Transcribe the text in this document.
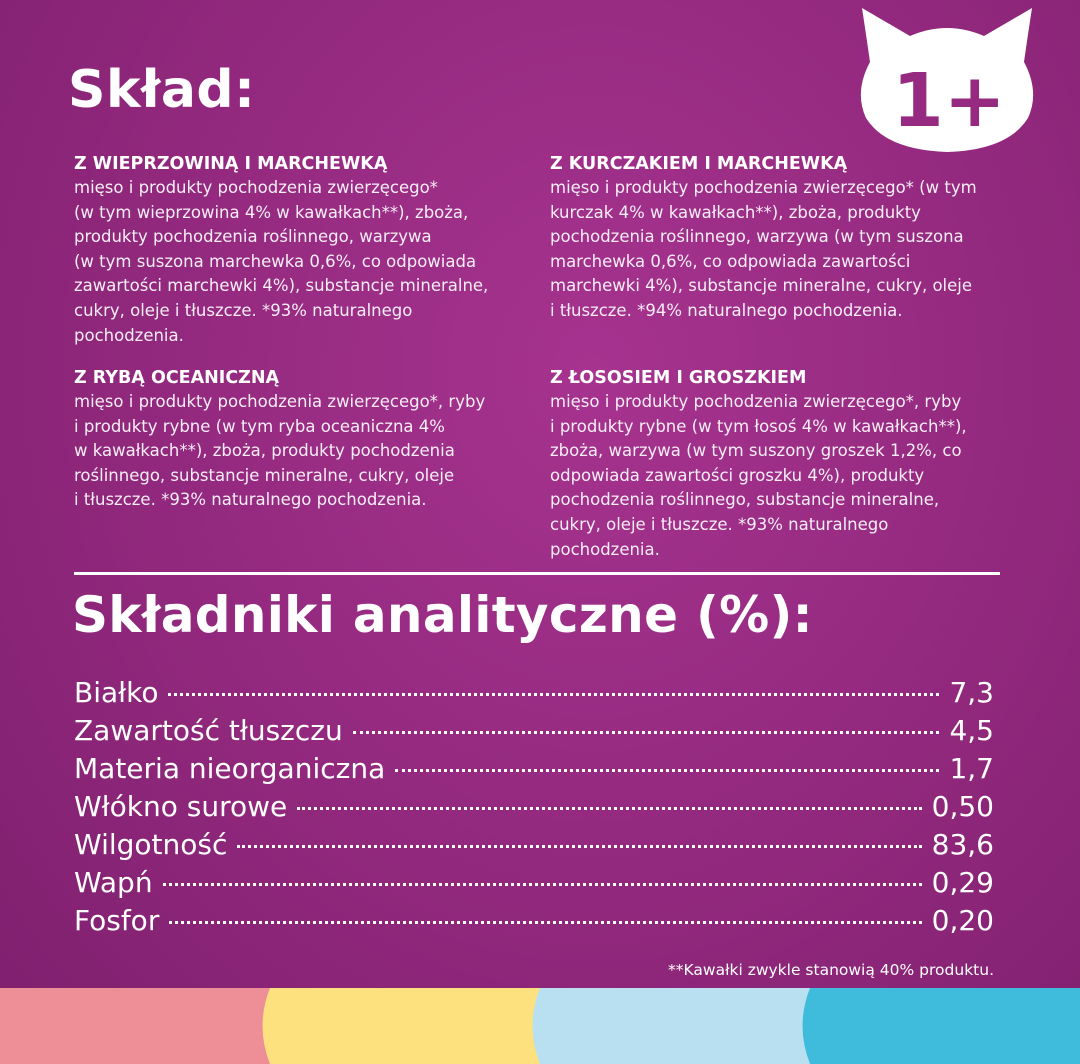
1+
Skład:
Z WIEPRZOWINĄ I MARCHEWKĄ

mięso i produkty pochodzenia zwierzęcego*

(w tym wieprzowina 4% w kawałkach**), zboża,

produkty pochodzenia roślinnego, warzywa

(w tym suszona marchewka 0,6%, co odpowiada

zawartości marchewki 4%), substancje mineralne,

cukry, oleje i tłuszcze. *93% naturalnego

pochodzenia.

Z KURCZAKIEM I MARCHEWKĄ

mięso i produkty pochodzenia zwierzęcego* (w tym

kurczak 4% w kawałkach**), zboża, produkty

pochodzenia roślinnego, warzywa (w tym suszona

marchewka 0,6%, co odpowiada zawartości

marchewki 4%), substancje mineralne, cukry, oleje

i tłuszcze. *94% naturalnego pochodzenia.

Z RYBĄ OCEANICZNĄ

mięso i produkty pochodzenia zwierzęcego*, ryby

i produkty rybne (w tym ryba oceaniczna 4%

w kawałkach**), zboża, produkty pochodzenia

roślinnego, substancje mineralne, cukry, oleje

i tłuszcze. *93% naturalnego pochodzenia.

Z ŁOSOSIEM I GROSZKIEM

mięso i produkty pochodzenia zwierzęcego*, ryby

i produkty rybne (w tym łosoś 4% w kawałkach**),

zboża, warzywa (w tym suszony groszek 1,2%, co

odpowiada zawartości groszku 4%), produkty

pochodzenia roślinnego, substancje mineralne,

cukry, oleje i tłuszcze. *93% naturalnego

pochodzenia.

Składniki analityczne (%):
Białko	7,3
Zawartość tłuszczu	4,5
Materia nieorganiczna	1,7
Włókno surowe	0,50
Wilgotność	83,6
Wapń	0,29
Fosfor	0,20
**Kawałki zwykle stanowią 40% produktu.
